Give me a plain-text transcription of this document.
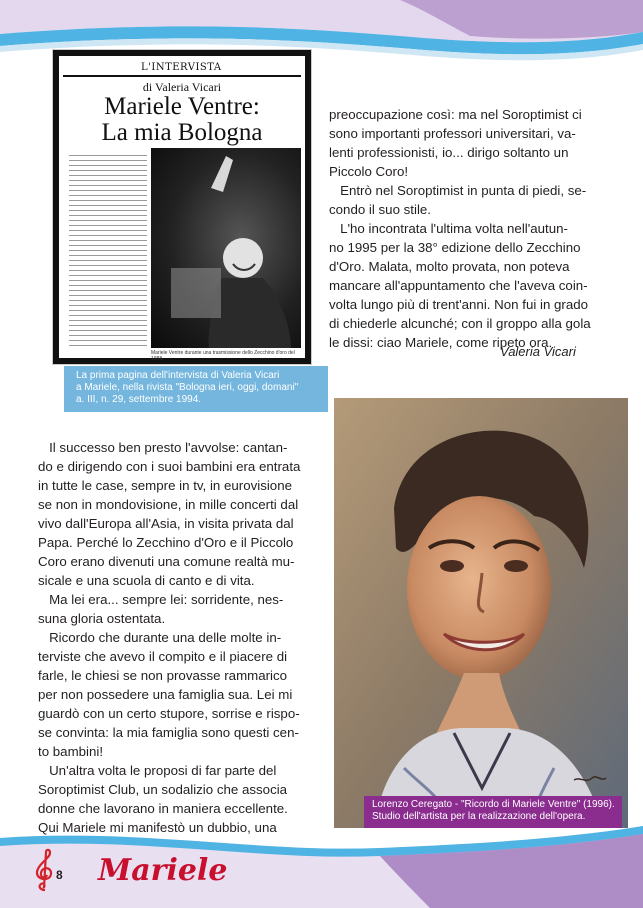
L'INTERVISTA
di Valeria Vicari
Mariele Ventre:
La mia Bologna
Mariele Ventre durante una trasmissione dello Zecchino d'oro del 1988.
La prima pagina dell'intervista di Valeria Vicari
a Mariele, nella rivista "Bologna ieri, oggi, domani"
a. III, n. 29, settembre 1994.

preoccupazione così: ma nel Soroptimist ci

sono importanti professori universitari, va-

lenti professionisti, io... dirigo soltanto un

Piccolo Coro!

Entrò nel Soroptimist in punta di piedi, se-

condo il suo stile.

L'ho incontrata l'ultima volta nell'autun-

no 1995 per la 38° edizione dello Zecchino

d'Oro. Malata, molto provata, non poteva

mancare all'appuntamento che l'aveva coin-

volta lungo più di trent'anni. Non fui in grado

di chiederle alcunché; con il groppo alla gola

le dissi: ciao Mariele, come ripeto ora.

Valeria Vicari

Il successo ben presto l'avvolse: cantan-

do e dirigendo con i suoi bambini era entrata

in tutte le case, sempre in tv, in eurovisione

se non in mondovisione, in mille concerti dal

vivo dall'Europa all'Asia, in visita privata dal

Papa. Perché lo Zecchino d'Oro e il Piccolo

Coro erano divenuti una comune realtà mu-

sicale e una scuola di canto e di vita.

Ma lei era... sempre lei: sorridente, nes-

suna gloria ostentata.

Ricordo che durante una delle molte in-

terviste che avevo il compito e il piacere di

farle, le chiesi se non provasse rammarico

per non possedere una famiglia sua. Lei mi

guardò con un certo stupore, sorrise e rispo-

se convinta: la mia famiglia sono questi cen-

to bambini!

Un'altra volta le proposi di far parte del

Soroptimist Club, un sodalizio che associa

donne che lavorano in maniera eccellente.

Qui Mariele mi manifestò un dubbio, una

Lorenzo Ceregato - "Ricordo di Mariele Ventre" (1996).
Studio dell'artista per la realizzazione dell'opera.
8 Mariele
